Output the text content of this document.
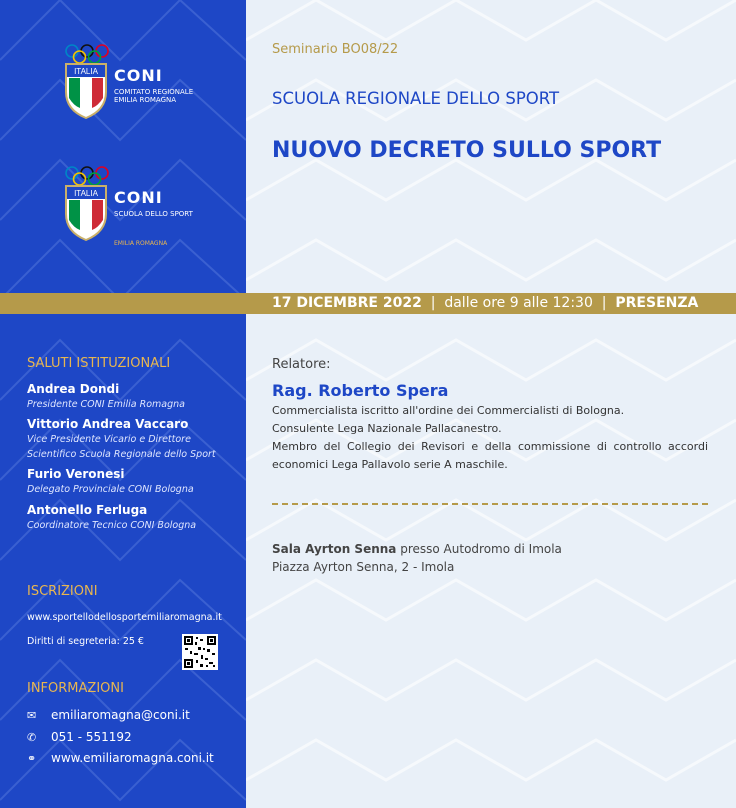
ITALIA CONI
COMITATO REGIONALE EMILIA ROMAGNA
ITALIA CONI
SCUOLA DELLO SPORT
EMILIA ROMAGNA
SALUTI ISTITUZIONALI
Andrea Dondi
Presidente CONI Emilia Romagna
Vittorio Andrea Vaccaro
Vice Presidente Vicario e Direttore Scientifico Scuola Regionale dello Sport
Furio Veronesi
Delegato Provinciale CONI Bologna
Antonello Ferluga
Coordinatore Tecnico CONI Bologna
ISCRIZIONI
www.sportellodellosportemiliaromagna.it
Diritti di segreteria: 25 €
INFORMAZIONI
✉ emiliaromagna@coni.it
✆ 051 - 551192
⚭ www.emiliaromagna.coni.it
Seminario BO08/22
SCUOLA REGIONALE DELLO SPORT
NUOVO DECRETO SULLO SPORT
17 DICEMBRE 2022  |  dalle ore 9 alle 12:30  |  PRESENZA
Relatore:
Rag. Roberto Spera
Commercialista iscritto all'ordine dei Commercialisti di Bologna.
Consulente Lega Nazionale Pallacanestro.
Membro del Collegio dei Revisori e della commissione di controllo accordi economici Lega Pallavolo serie A maschile.
Sala Ayrton Senna presso Autodromo di Imola
Piazza Ayrton Senna, 2 - Imola
